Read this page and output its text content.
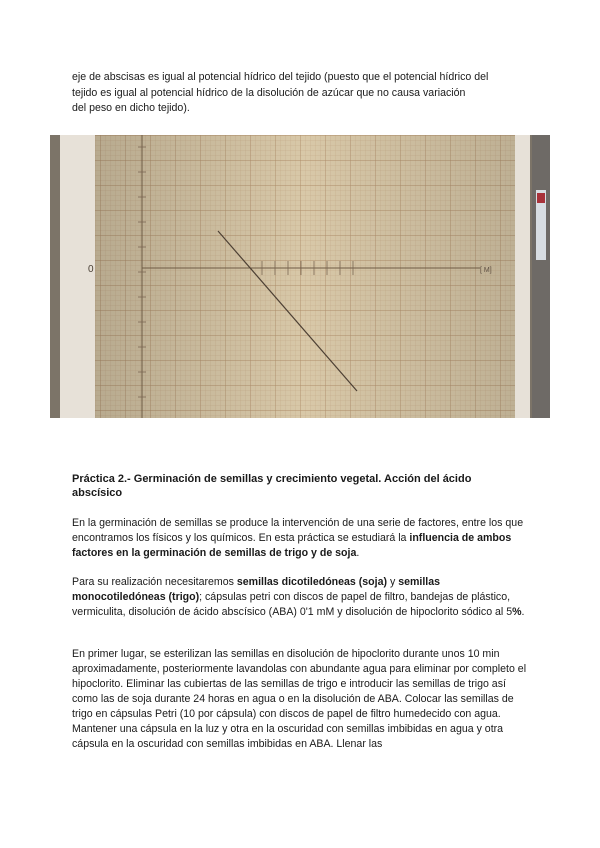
eje de abscisas es igual al potencial hídrico del tejido (puesto que el potencial hídrico del
tejido es igual al potencial hídrico de la disolución de azúcar que no causa variación
del peso en dicho tejido).

0	[ M]

Práctica 2.- Germinación de semillas y crecimiento vegetal. Acción del ácido abscísico

En la germinación de semillas se produce la intervención de una serie de factores, entre los que encontramos los físicos y los químicos. En esta práctica se estudiará la influencia de ambos factores en la germinación de semillas de trigo y de soja.

Para su realización necesitaremos semillas dicotiledóneas (soja) y semillas monocotiledóneas (trigo); cápsulas petri con discos de papel de filtro, bandejas de plástico, vermiculita, disolución de ácido abscísico (ABA) 0'1 mM y disolución de hipoclorito sódico al 5%.

En primer lugar, se esterilizan las semillas en disolución de hipoclorito durante unos 10 min aproximadamente, posteriormente lavandolas con abundante agua para eliminar por completo el hipoclorito. Eliminar las cubiertas de las semillas de trigo e introducir las semillas de trigo así como las de soja durante 24 horas en agua o en la disolución de ABA. Colocar las semillas de trigo en cápsulas Petri (10 por cápsula) con discos de papel de filtro humedecido con agua. Mantener una cápsula en la luz y otra en la oscuridad con semillas imbibidas en agua y otra cápsula en la oscuridad con semillas imbibidas en ABA. Llenar las
